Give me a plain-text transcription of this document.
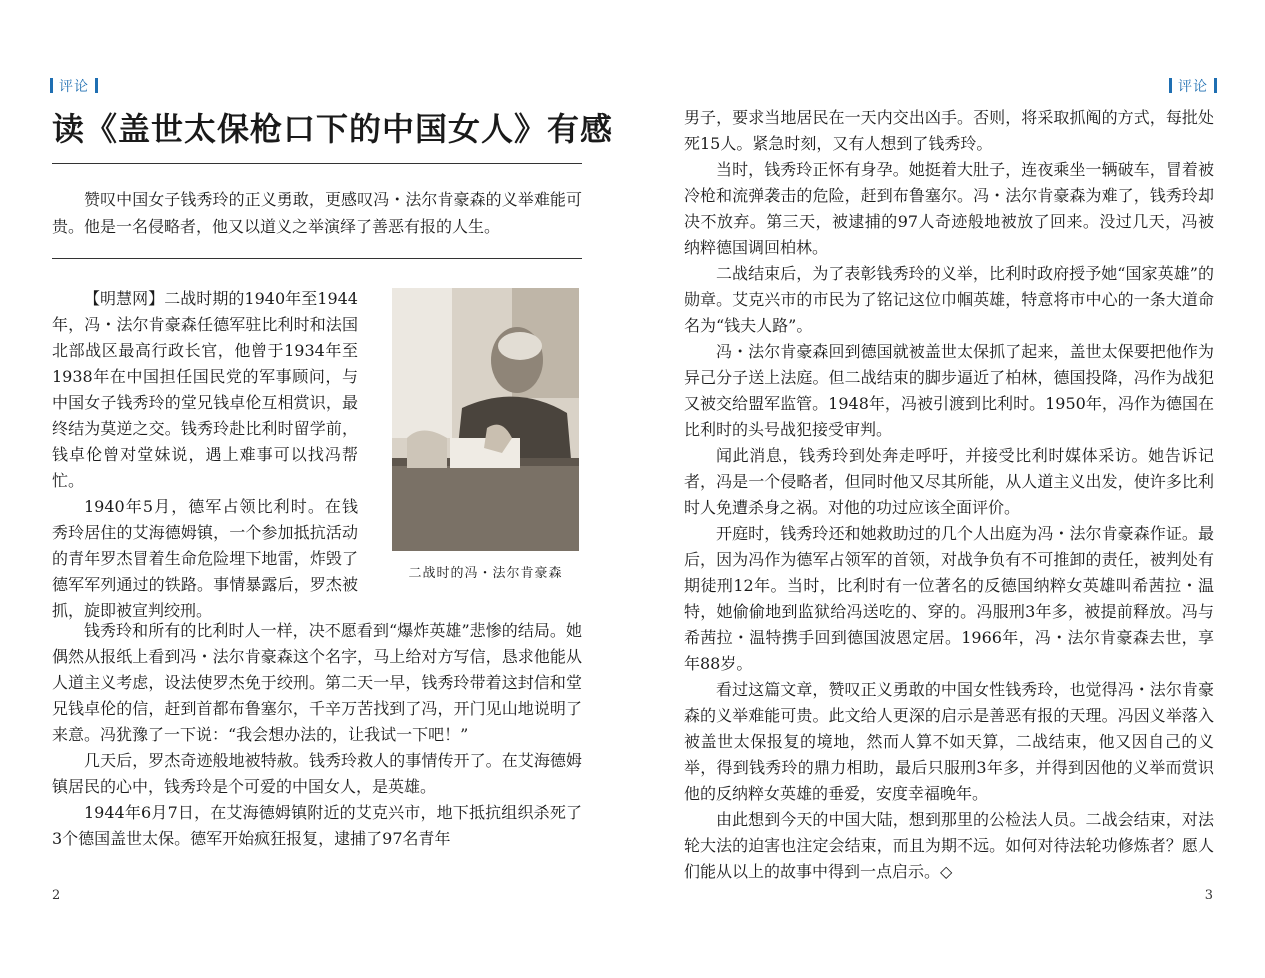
评论
读《盖世太保枪口下的中国女人》有感

赞叹中国女子钱秀玲的正义勇敢，更感叹冯・法尔肯豪森的义举难能可贵。他是一名侵略者，他又以道义之举演绎了善恶有报的人生。

【明慧网】二战时期的1940年至1944年，冯・法尔肯豪森任德军驻比利时和法国北部战区最高行政长官，他曾于1934年至1938年在中国担任国民党的军事顾问，与中国女子钱秀玲的堂兄钱卓伦互相赏识，最终结为莫逆之交。钱秀玲赴比利时留学前，钱卓伦曾对堂妹说，遇上难事可以找冯帮忙。

1940年5月，德军占领比利时。在钱秀玲居住的艾海德姆镇，一个参加抵抗活动的青年罗杰冒着生命危险埋下地雷，炸毁了德军军列通过的铁路。事情暴露后，罗杰被抓，旋即被宣判绞刑。

二战时的冯・法尔肯豪森

钱秀玲和所有的比利时人一样，决不愿看到“爆炸英雄”悲惨的结局。她偶然从报纸上看到冯・法尔肯豪森这个名字，马上给对方写信，恳求他能从人道主义考虑，设法使罗杰免于绞刑。第二天一早，钱秀玲带着这封信和堂兄钱卓伦的信，赶到首都布鲁塞尔，千辛万苦找到了冯，开门见山地说明了来意。冯犹豫了一下说：“我会想办法的，让我试一下吧！”

几天后，罗杰奇迹般地被特赦。钱秀玲救人的事情传开了。在艾海德姆镇居民的心中，钱秀玲是个可爱的中国女人，是英雄。

1944年6月7日，在艾海德姆镇附近的艾克兴市，地下抵抗组织杀死了3个德国盖世太保。德军开始疯狂报复，逮捕了97名青年

2
评论
3

男子，要求当地居民在一天内交出凶手。否则，将采取抓阄的方式，每批处死15人。紧急时刻，又有人想到了钱秀玲。

当时，钱秀玲正怀有身孕。她挺着大肚子，连夜乘坐一辆破车，冒着被冷枪和流弹袭击的危险，赶到布鲁塞尔。冯・法尔肯豪森为难了，钱秀玲却决不放弃。第三天，被逮捕的97人奇迹般地被放了回来。没过几天，冯被纳粹德国调回柏林。

二战结束后，为了表彰钱秀玲的义举，比利时政府授予她“国家英雄”的勋章。艾克兴市的市民为了铭记这位巾帼英雄，特意将市中心的一条大道命名为“钱夫人路”。

冯・法尔肯豪森回到德国就被盖世太保抓了起来，盖世太保要把他作为异己分子送上法庭。但二战结束的脚步逼近了柏林，德国投降，冯作为战犯又被交给盟军监管。1948年，冯被引渡到比利时。1950年，冯作为德国在比利时的头号战犯接受审判。

闻此消息，钱秀玲到处奔走呼吁，并接受比利时媒体采访。她告诉记者，冯是一个侵略者，但同时他又尽其所能，从人道主义出发，使许多比利时人免遭杀身之祸。对他的功过应该全面评价。

开庭时，钱秀玲还和她救助过的几个人出庭为冯・法尔肯豪森作证。最后，因为冯作为德军占领军的首领，对战争负有不可推卸的责任，被判处有期徒刑12年。当时，比利时有一位著名的反德国纳粹女英雄叫希茜拉・温特，她偷偷地到监狱给冯送吃的、穿的。冯服刑3年多，被提前释放。冯与希茜拉・温特携手回到德国波恩定居。1966年，冯・法尔肯豪森去世，享年88岁。

看过这篇文章，赞叹正义勇敢的中国女性钱秀玲，也觉得冯・法尔肯豪森的义举难能可贵。此文给人更深的启示是善恶有报的天理。冯因义举落入被盖世太保报复的境地，然而人算不如天算，二战结束，他又因自己的义举，得到钱秀玲的鼎力相助，最后只服刑3年多，并得到因他的义举而赏识他的反纳粹女英雄的垂爱，安度幸福晚年。

由此想到今天的中国大陆，想到那里的公检法人员。二战会结束，对法轮大法的迫害也注定会结束，而且为期不远。如何对待法轮功修炼者？愿人们能从以上的故事中得到一点启示。◇
